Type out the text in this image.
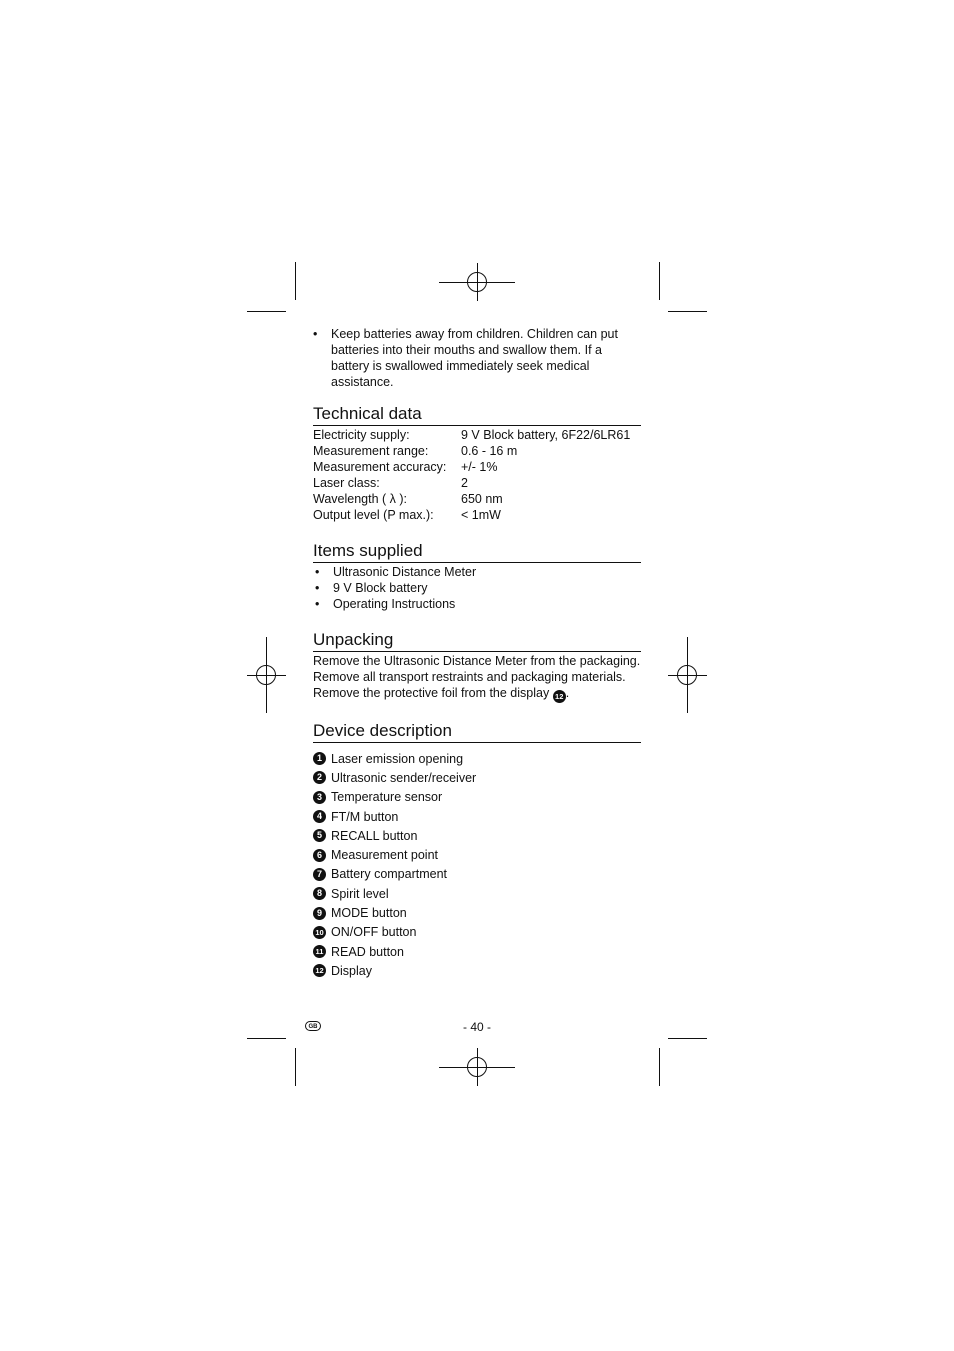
•	Keep batteries away from children. Children can put batteries into their mouths and swallow them. If a battery is swallowed immediately seek medical assistance.
Technical data
Electricity supply:	9 V Block battery, 6F22/6LR61
Measurement range:	0.6 - 16 m
Measurement accuracy:	+/- 1%
Laser class:	2
Wavelength ( λ ):	650 nm
Output level (P max.):	< 1mW
Items supplied
•	Ultrasonic Distance Meter
•	9 V Block battery
•	Operating Instructions
Unpacking
Remove the Ultrasonic Distance Meter from the packaging.
Remove all transport restraints and packaging materials.
Remove the protective foil from the display 12 .
Device description
1 Laser emission opening
2 Ultrasonic sender/receiver
3 Temperature sensor
4 FT/M button
5 RECALL button
6 Measurement point
7 Battery compartment
8 Spirit level
9 MODE button
10 ON/OFF button
11 READ button
12 Display
GB	- 40 -
